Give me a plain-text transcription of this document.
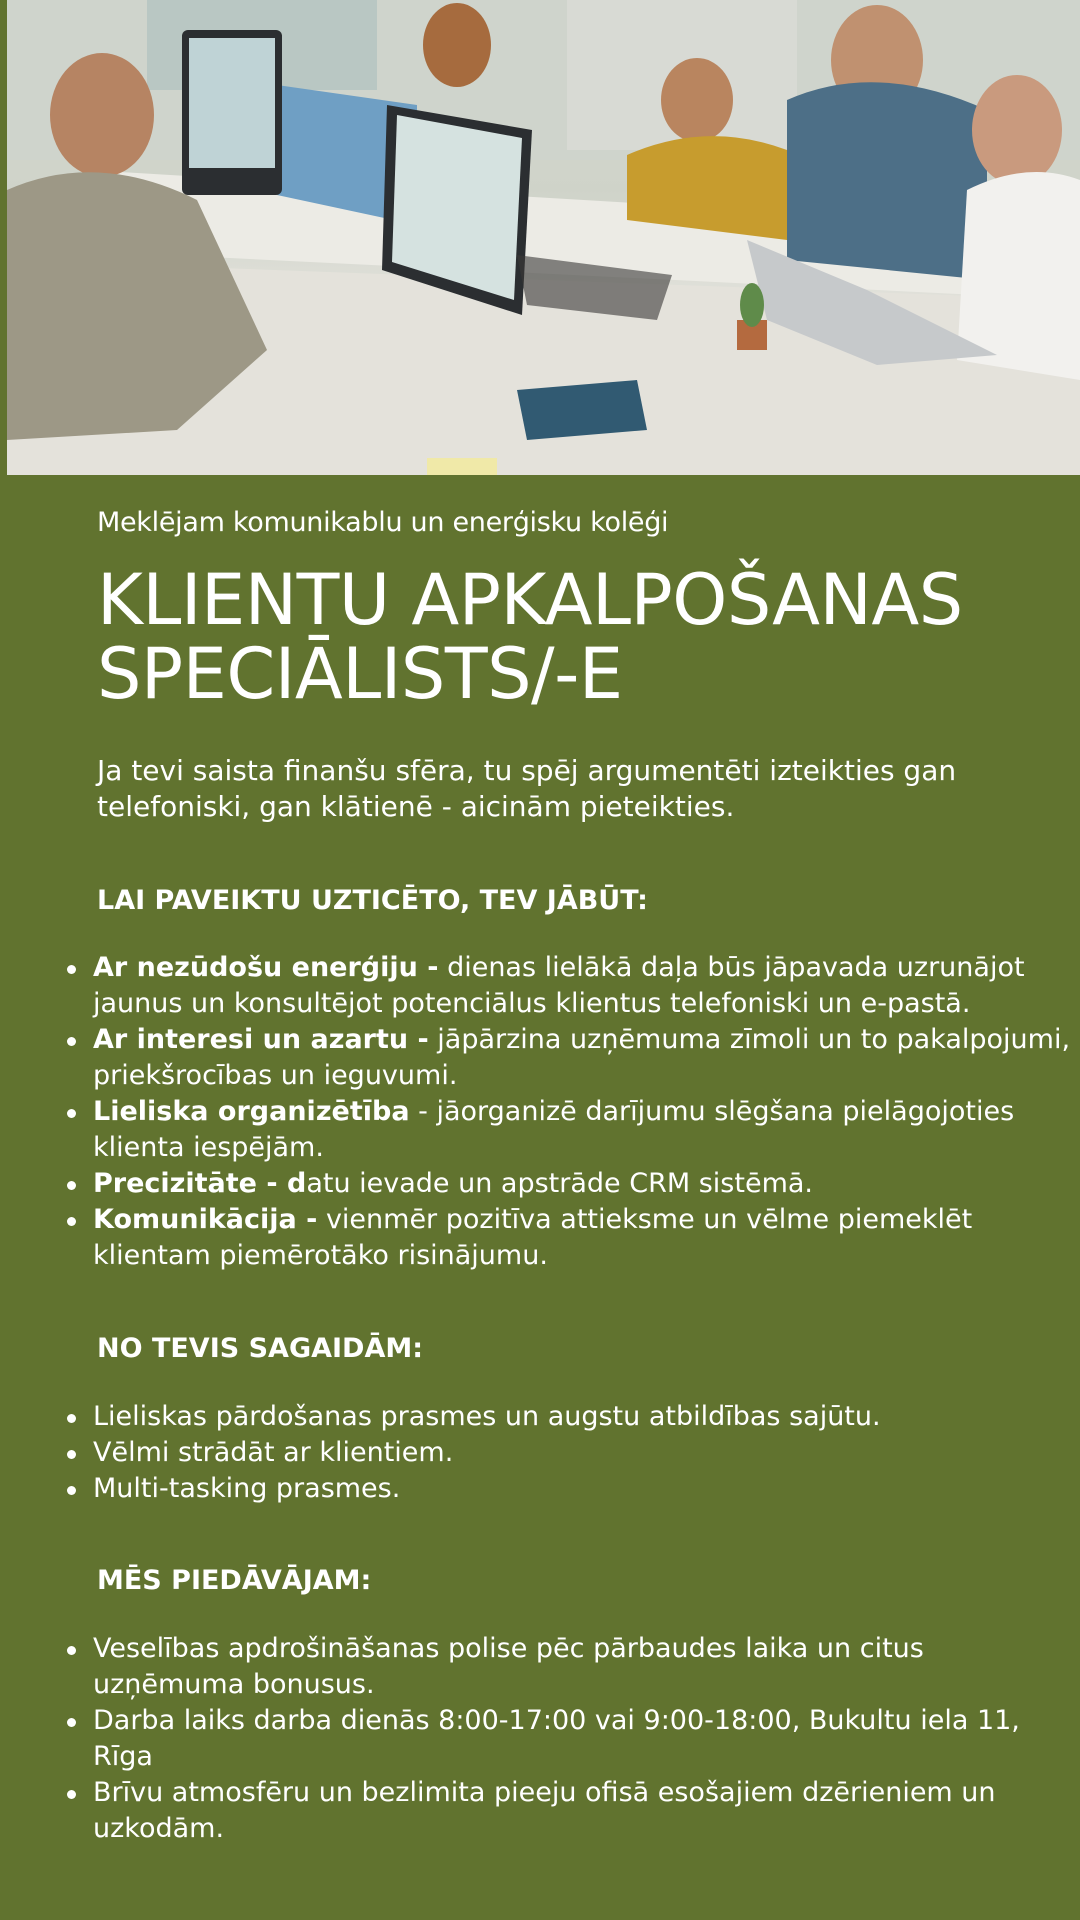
Meklējam komunikablu un enerģisku kolēģi
KLIENTU APKALPOŠANAS SPECIĀLISTS/-E

Ja tevi saista finanšu sfēra, tu spēj argumentēti izteikties gan telefoniski, gan klātienē - aicinām pieteikties.

LAI PAVEIKTU UZTICĒTO, TEV JĀBŪT:
Ar nezūdošu enerģiju - dienas lielākā daļa būs jāpavada uzrunājot jaunus un konsultējot potenciālus klientus telefoniski un e-pastā.
Ar interesi un azartu - jāpārzina uzņēmuma zīmoli un to pakalpojumi, priekšrocības un ieguvumi.
Lieliska organizētība - jāorganizē darījumu slēgšana pielāgojoties klienta iespējām.
Precizitāte - datu ievade un apstrāde CRM sistēmā.
Komunikācija - vienmēr pozitīva attieksme un vēlme piemeklēt klientam piemērotāko risinājumu.
NO TEVIS SAGAIDĀM:
Lieliskas pārdošanas prasmes un augstu atbildības sajūtu.
Vēlmi strādāt ar klientiem.
Multi-tasking prasmes.
MĒS PIEDĀVĀJAM:
Veselības apdrošināšanas polise pēc pārbaudes laika un citus uzņēmuma bonusus.
Darba laiks darba dienās 8:00-17:00 vai 9:00-18:00, Bukultu iela 11, Rīga
Brīvu atmosfēru un bezlimita pieeju ofisā esošajiem dzērieniem un uzkodām.
